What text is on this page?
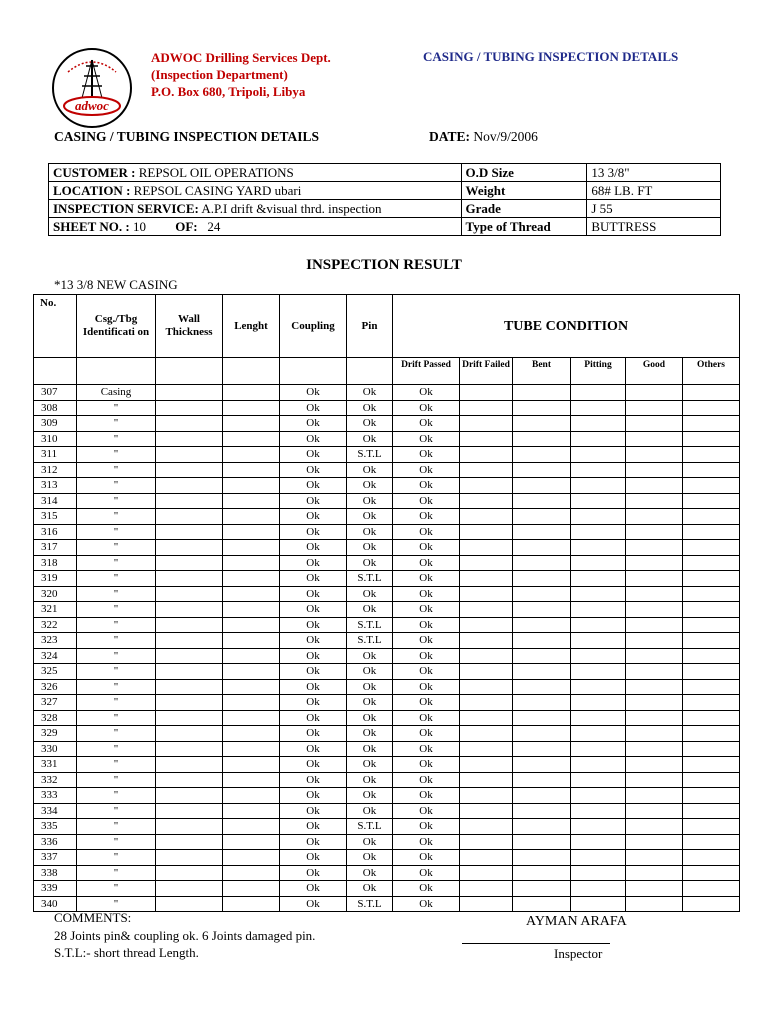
adwoc
ADWOC Drilling Services Dept.
(Inspection Department)
P.O. Box 680, Tripoli, Libya
CASING / TUBING INSPECTION DETAILS
CASING / TUBING INSPECTION DETAILS	DATE: Nov/9/2006
CUSTOMER : REPSOL OIL OPERATIONS	O.D Size	13 3/8"
LOCATION : REPSOL CASING YARD ubari	Weight	68# LB. FT
INSPECTION SERVICE: A.P.I drift &visual thrd. inspection	Grade	J 55
SHEET NO. : 10 OF: 24	Type of Thread	BUTTRESS
INSPECTION RESULT
*13 3/8 NEW CASING
No.	Csg./Tbg Identificati on	Wall Thickness	Lenght	Coupling	Pin	TUBE CONDITION					
						Drift Passed	Drift Failed	Bent	Pitting	Good	Others
307	Casing			Ok	Ok	Ok					
308	"			Ok	Ok	Ok					
309	"			Ok	Ok	Ok					
310	"			Ok	Ok	Ok					
311	"			Ok	S.T.L	Ok					
312	"			Ok	Ok	Ok					
313	"			Ok	Ok	Ok					
314	"			Ok	Ok	Ok					
315	"			Ok	Ok	Ok					
316	"			Ok	Ok	Ok					
317	"			Ok	Ok	Ok					
318	"			Ok	Ok	Ok					
319	"			Ok	S.T.L	Ok					
320	"			Ok	Ok	Ok					
321	"			Ok	Ok	Ok					
322	"			Ok	S.T.L	Ok					
323	"			Ok	S.T.L	Ok					
324	"			Ok	Ok	Ok					
325	"			Ok	Ok	Ok					
326	"			Ok	Ok	Ok					
327	"			Ok	Ok	Ok					
328	"			Ok	Ok	Ok					
329	"			Ok	Ok	Ok					
330	"			Ok	Ok	Ok					
331	"			Ok	Ok	Ok					
332	"			Ok	Ok	Ok					
333	"			Ok	Ok	Ok					
334	"			Ok	Ok	Ok					
335	"			Ok	S.T.L	Ok					
336	"			Ok	Ok	Ok					
337	"			Ok	Ok	Ok					
338	"			Ok	Ok	Ok					
339	"			Ok	Ok	Ok					
340	"			Ok	S.T.L	Ok					
COMMENTS:
28 Joints pin& coupling ok. 6 Joints damaged pin.
S.T.L:- short thread Length.
AYMAN ARAFA
Inspector
